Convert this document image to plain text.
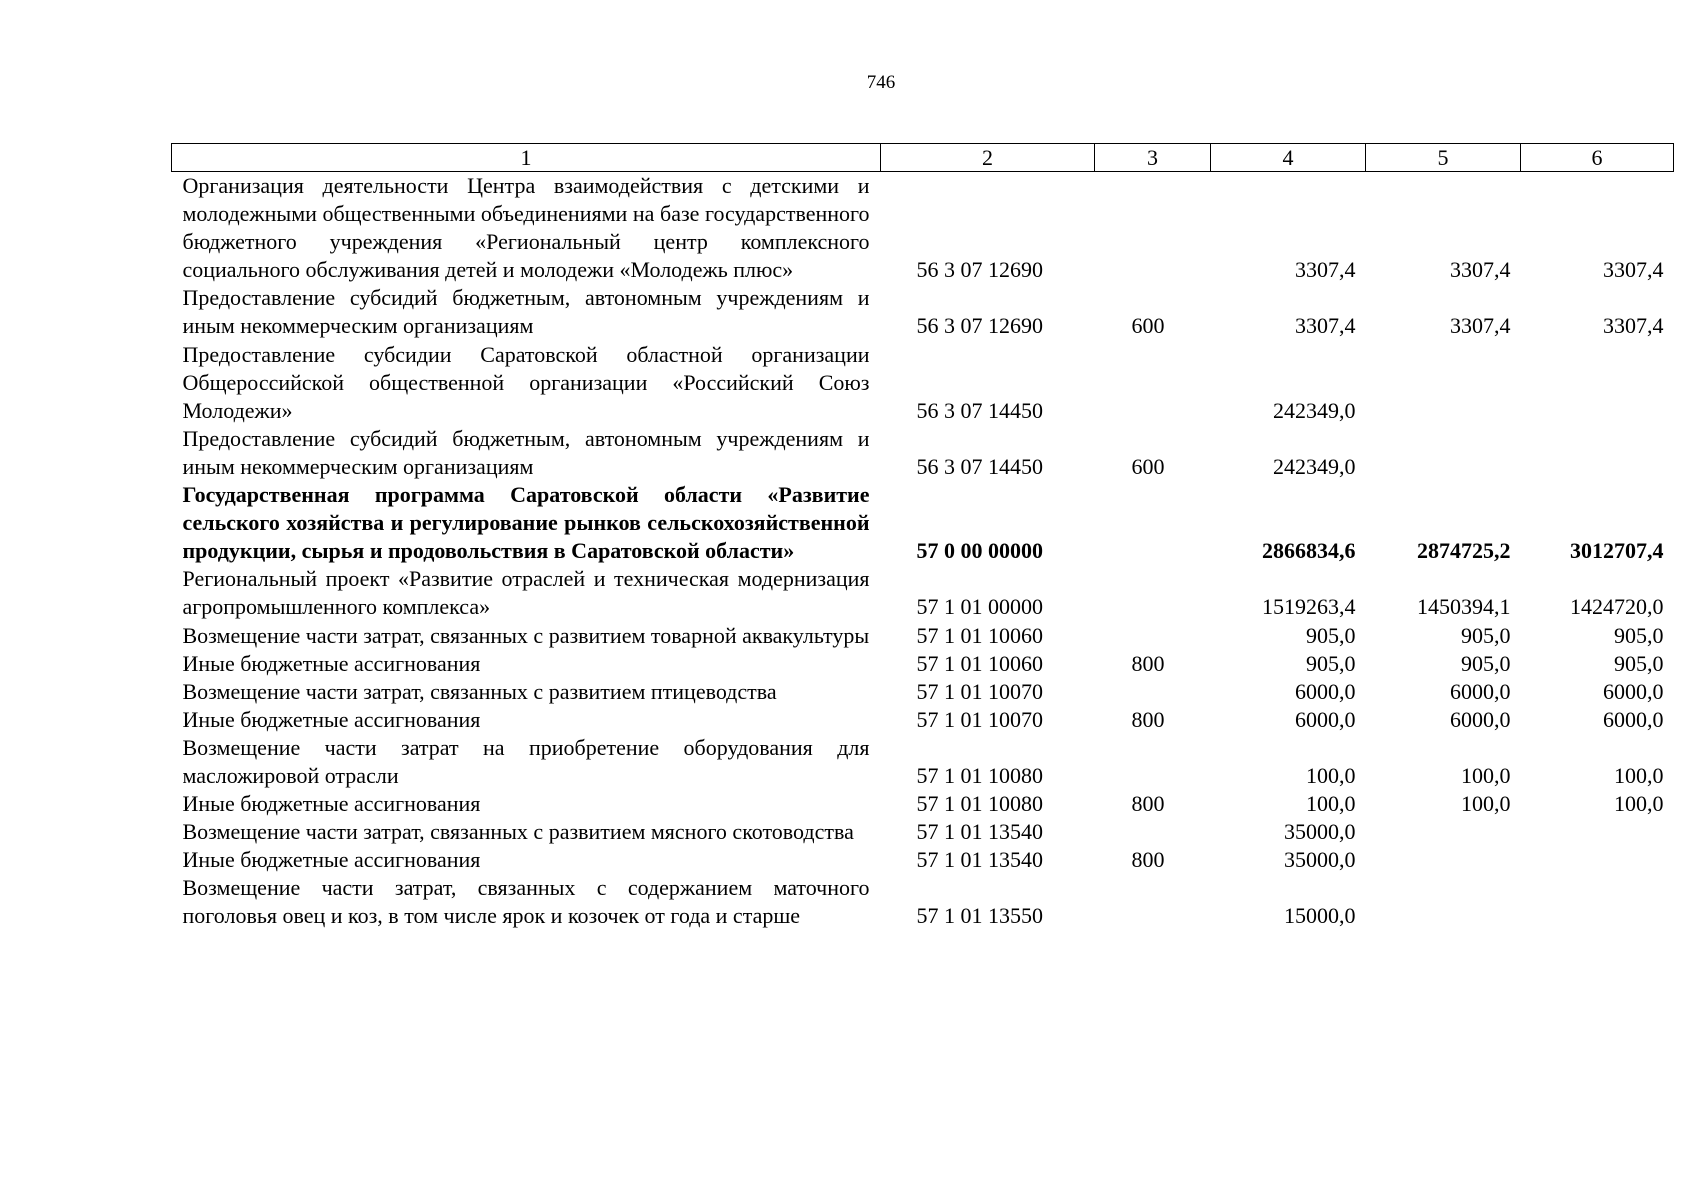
746
1	2	3	4	5	6
Организация деятельности Центра взаимодействия с детскими и молодежными общественными объединениями на базе государственного бюджетного учреждения «Региональный центр комплексного социального обслуживания детей и молодежи «Молодежь плюс»	56 3 07 12690		3307,4	3307,4	3307,4
Предоставление субсидий бюджетным, автономным учреждениям и иным некоммерческим организациям	56 3 07 12690	600	3307,4	3307,4	3307,4
Предоставление субсидии Саратовской областной организации Общероссийской общественной организации «Российский Союз Молодежи»	56 3 07 14450		242349,0		
Предоставление субсидий бюджетным, автономным учреждениям и иным некоммерческим организациям	56 3 07 14450	600	242349,0		
Государственная программа Саратовской области «Развитие сельского хозяйства и регулирование рынков сельскохозяйственной продукции, сырья и продовольствия в Саратовской области»	57 0 00 00000		2866834,6	2874725,2	3012707,4
Региональный проект «Развитие отраслей и техническая модернизация агропромышленного комплекса»	57 1 01 00000		1519263,4	1450394,1	1424720,0
Возмещение части затрат, связанных с развитием товарной аквакультуры	57 1 01 10060		905,0	905,0	905,0
Иные бюджетные ассигнования	57 1 01 10060	800	905,0	905,0	905,0
Возмещение части затрат, связанных с развитием птицеводства	57 1 01 10070		6000,0	6000,0	6000,0
Иные бюджетные ассигнования	57 1 01 10070	800	6000,0	6000,0	6000,0
Возмещение части затрат на приобретение оборудования для масложировой отрасли	57 1 01 10080		100,0	100,0	100,0
Иные бюджетные ассигнования	57 1 01 10080	800	100,0	100,0	100,0
Возмещение части затрат, связанных с развитием мясного скотоводства	57 1 01 13540		35000,0		
Иные бюджетные ассигнования	57 1 01 13540	800	35000,0		
Возмещение части затрат, связанных с содержанием маточного поголовья овец и коз, в том числе ярок и козочек от года и старше	57 1 01 13550		15000,0		
